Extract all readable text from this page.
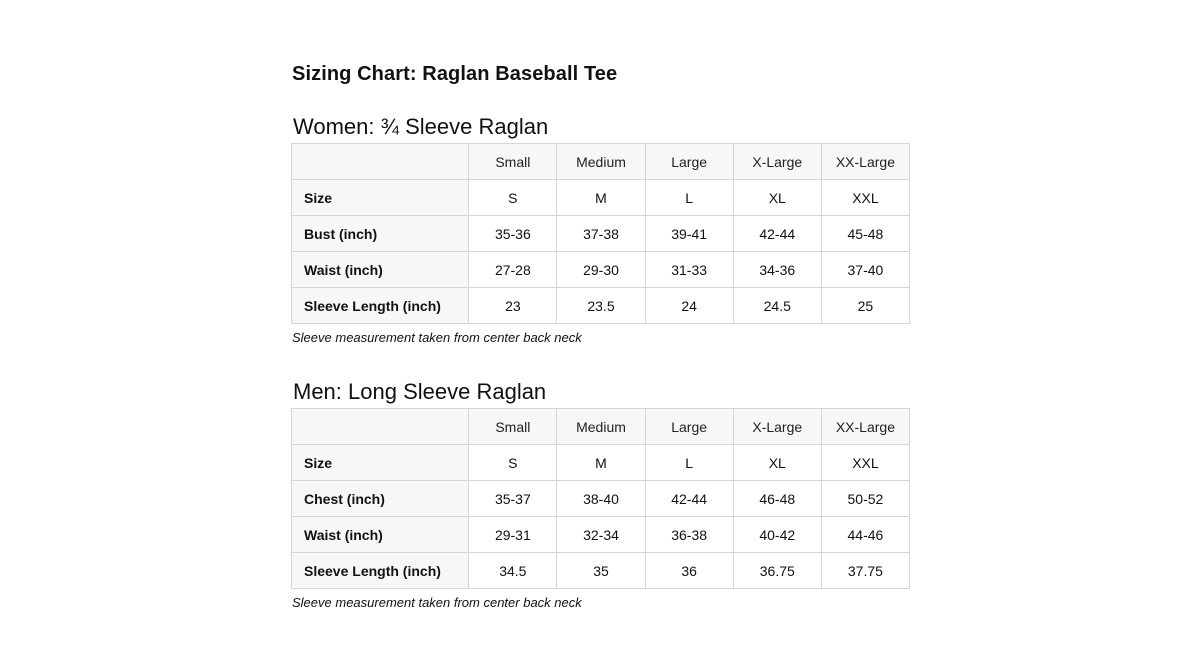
Sizing Chart: Raglan Baseball Tee
Women: ¾ Sleeve Raglan
	Small	Medium	Large	X-Large	XX-Large
Size	S	M	L	XL	XXL
Bust (inch)	35-36	37-38	39-41	42-44	45-48
Waist (inch)	27-28	29-30	31-33	34-36	37-40
Sleeve Length (inch)	23	23.5	24	24.5	25

Sleeve measurement taken from center back neck

Men: Long Sleeve Raglan
	Small	Medium	Large	X-Large	XX-Large
Size	S	M	L	XL	XXL
Chest (inch)	35-37	38-40	42-44	46-48	50-52
Waist (inch)	29-31	32-34	36-38	40-42	44-46
Sleeve Length (inch)	34.5	35	36	36.75	37.75

Sleeve measurement taken from center back neck
